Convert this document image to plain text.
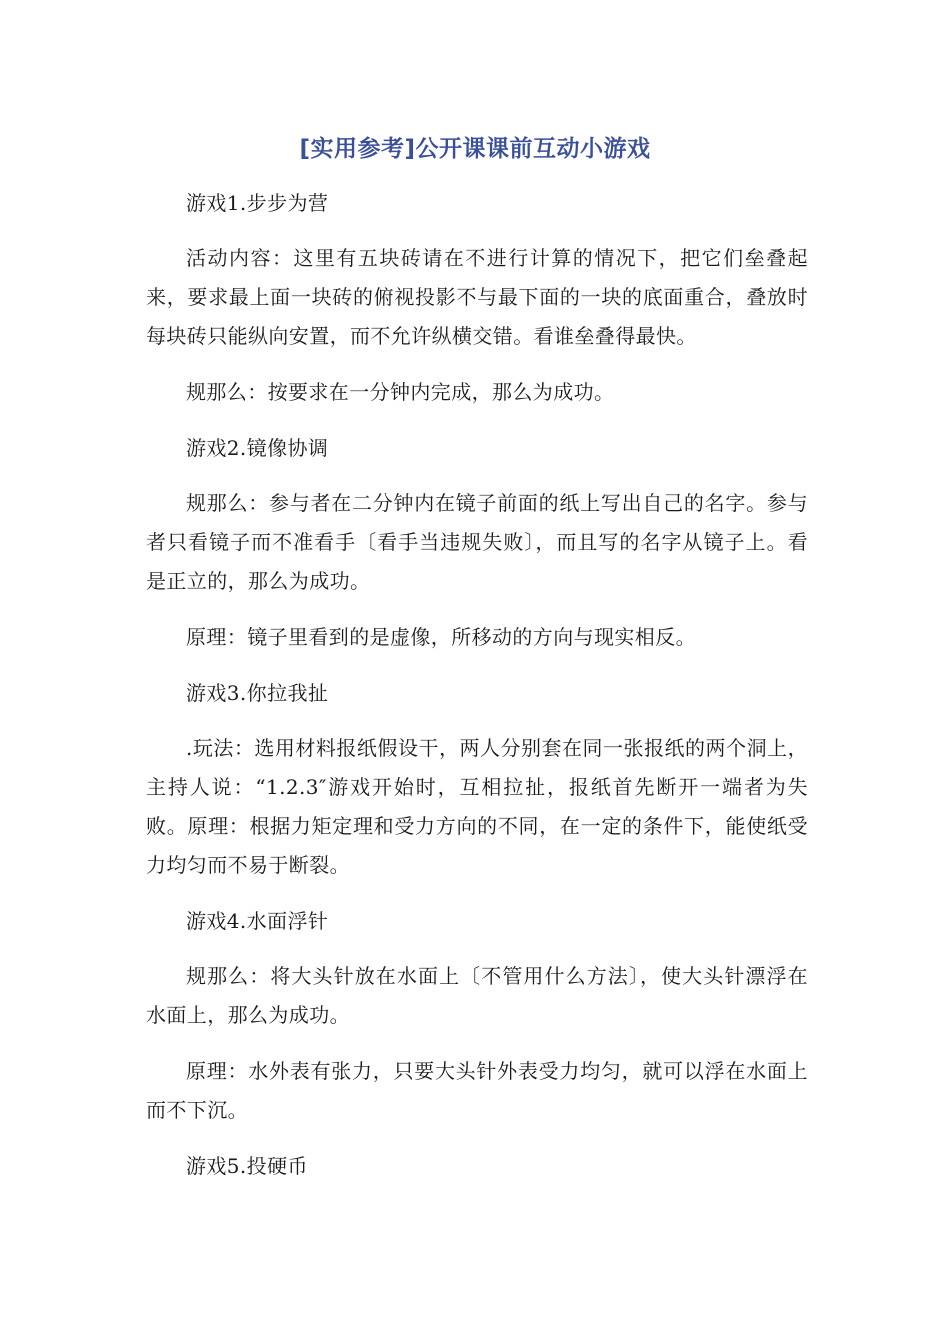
[实用参考]公开课课前互动小游戏

游戏1.步步为营

活动内容：这里有五块砖请在不进行计算的情况下，把它们垒叠起来，要求最上面一块砖的俯视投影不与最下面的一块的底面重合，叠放时每块砖只能纵向安置，而不允许纵横交错。看谁垒叠得最快。

规那么：按要求在一分钟内完成，那么为成功。

游戏2.镜像协调

规那么：参与者在二分钟内在镜子前面的纸上写出自己的名字。参与者只看镜子而不准看手〔看手当违规失败〕，而且写的名字从镜子上。看是正立的，那么为成功。

原理：镜子里看到的是虚像，所移动的方向与现实相反。

游戏3.你拉我扯

.玩法：选用材料报纸假设干，两人分别套在同一张报纸的两个洞上，主持人说：“1.2.3″游戏开始时，互相拉扯，报纸首先断开一端者为失败。原理：根据力矩定理和受力方向的不同，在一定的条件下，能使纸受力均匀而不易于断裂。

游戏4.水面浮针

规那么：将大头针放在水面上〔不管用什么方法〕，使大头针漂浮在水面上，那么为成功。

原理：水外表有张力，只要大头针外表受力均匀，就可以浮在水面上而不下沉。

游戏5.投硬币
